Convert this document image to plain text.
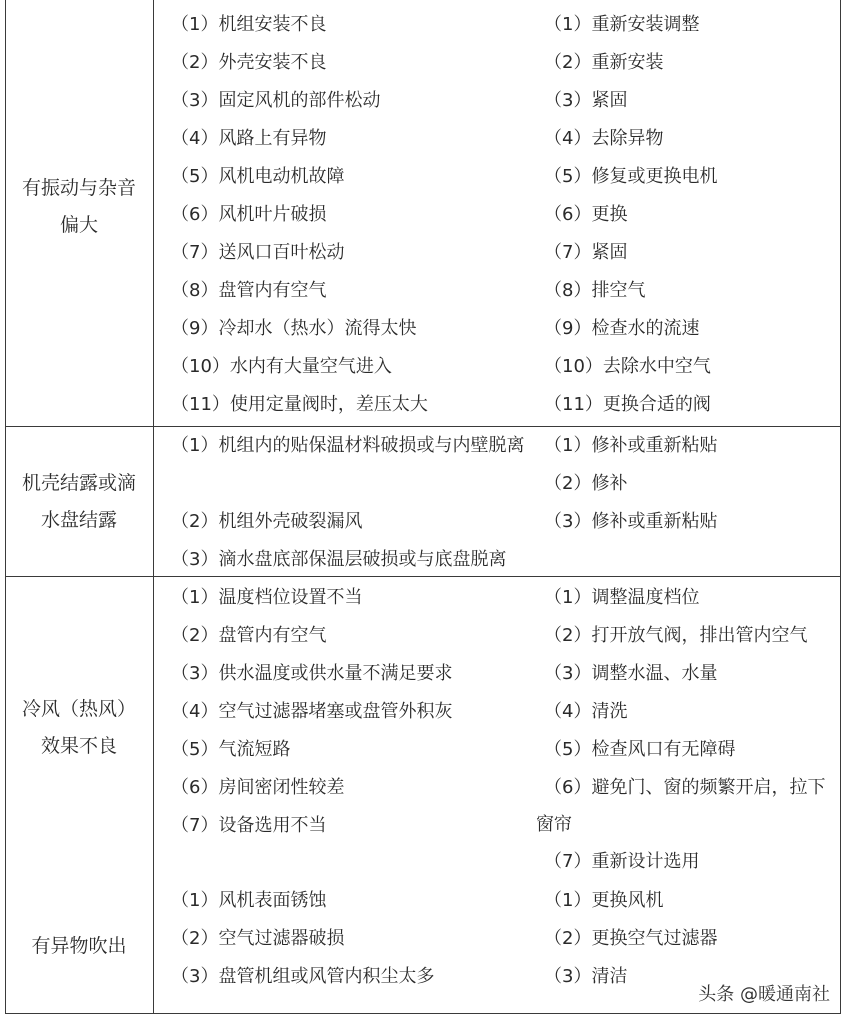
有振动与杂音
偏大
（1）机组安装不良
（2）外壳安装不良
（3）固定风机的部件松动
（4）风路上有异物
（5）风机电动机故障
（6）风机叶片破损
（7）送风口百叶松动
（8）盘管内有空气
（9）冷却水（热水）流得太快
（10）水内有大量空气进入
（11）使用定量阀时，差压太大
（1）重新安装调整
（2）重新安装
（3）紧固
（4）去除异物
（5）修复或更换电机
（6）更换
（7）紧固
（8）排空气
（9）检查水的流速
（10）去除水中空气
（11）更换合适的阀
机壳结露或滴
水盘结露
（1）机组内的贴保温材料破损或与内壁脱离
（2）机组外壳破裂漏风
（3）滴水盘底部保温层破损或与底盘脱离
（1）修补或重新粘贴
（2）修补
（3）修补或重新粘贴
冷风（热风）
效果不良
（1）温度档位设置不当
（2）盘管内有空气
（3）供水温度或供水量不满足要求
（4）空气过滤器堵塞或盘管外积灰
（5）气流短路
（6）房间密闭性较差
（7）设备选用不当
（1）调整温度档位
（2）打开放气阀，排出管内空气
（3）调整水温、水量
（4）清洗
（5）检查风口有无障碍
（6）避免门、窗的频繁开启，拉下窗帘
（7）重新设计选用
有异物吹出
（1）风机表面锈蚀
（2）空气过滤器破损
（3）盘管机组或风管内积尘太多
（1）更换风机
（2）更换空气过滤器
（3）清洁
头条 @暖通南社
